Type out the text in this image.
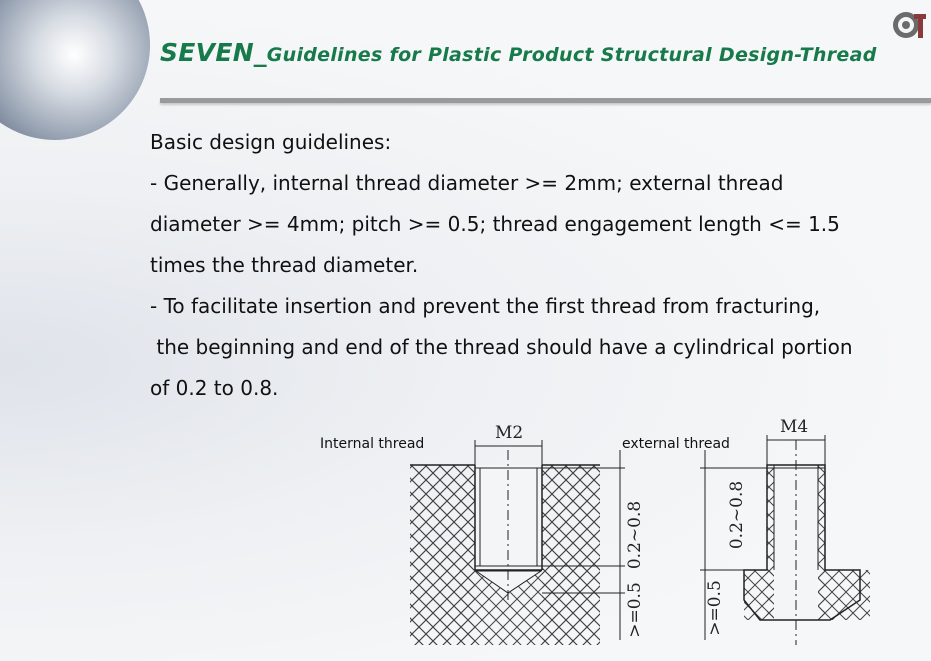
SEVEN_Guidelines for Plastic Product Structural Design-Thread
Basic design guidelines:
- Generally, internal thread diameter >= 2mm; external thread
diameter >= 4mm; pitch >= 0.5; thread engagement length <= 1.5
times the thread diameter.
- To facilitate insertion and prevent the first thread from fracturing,
the beginning and end of the thread should have a cylindrical portion
of 0.2 to 0.8.
Internal thread
M2
0.2~0.8
>=0.5
external thread
M4
0.2~0.8
>=0.5
